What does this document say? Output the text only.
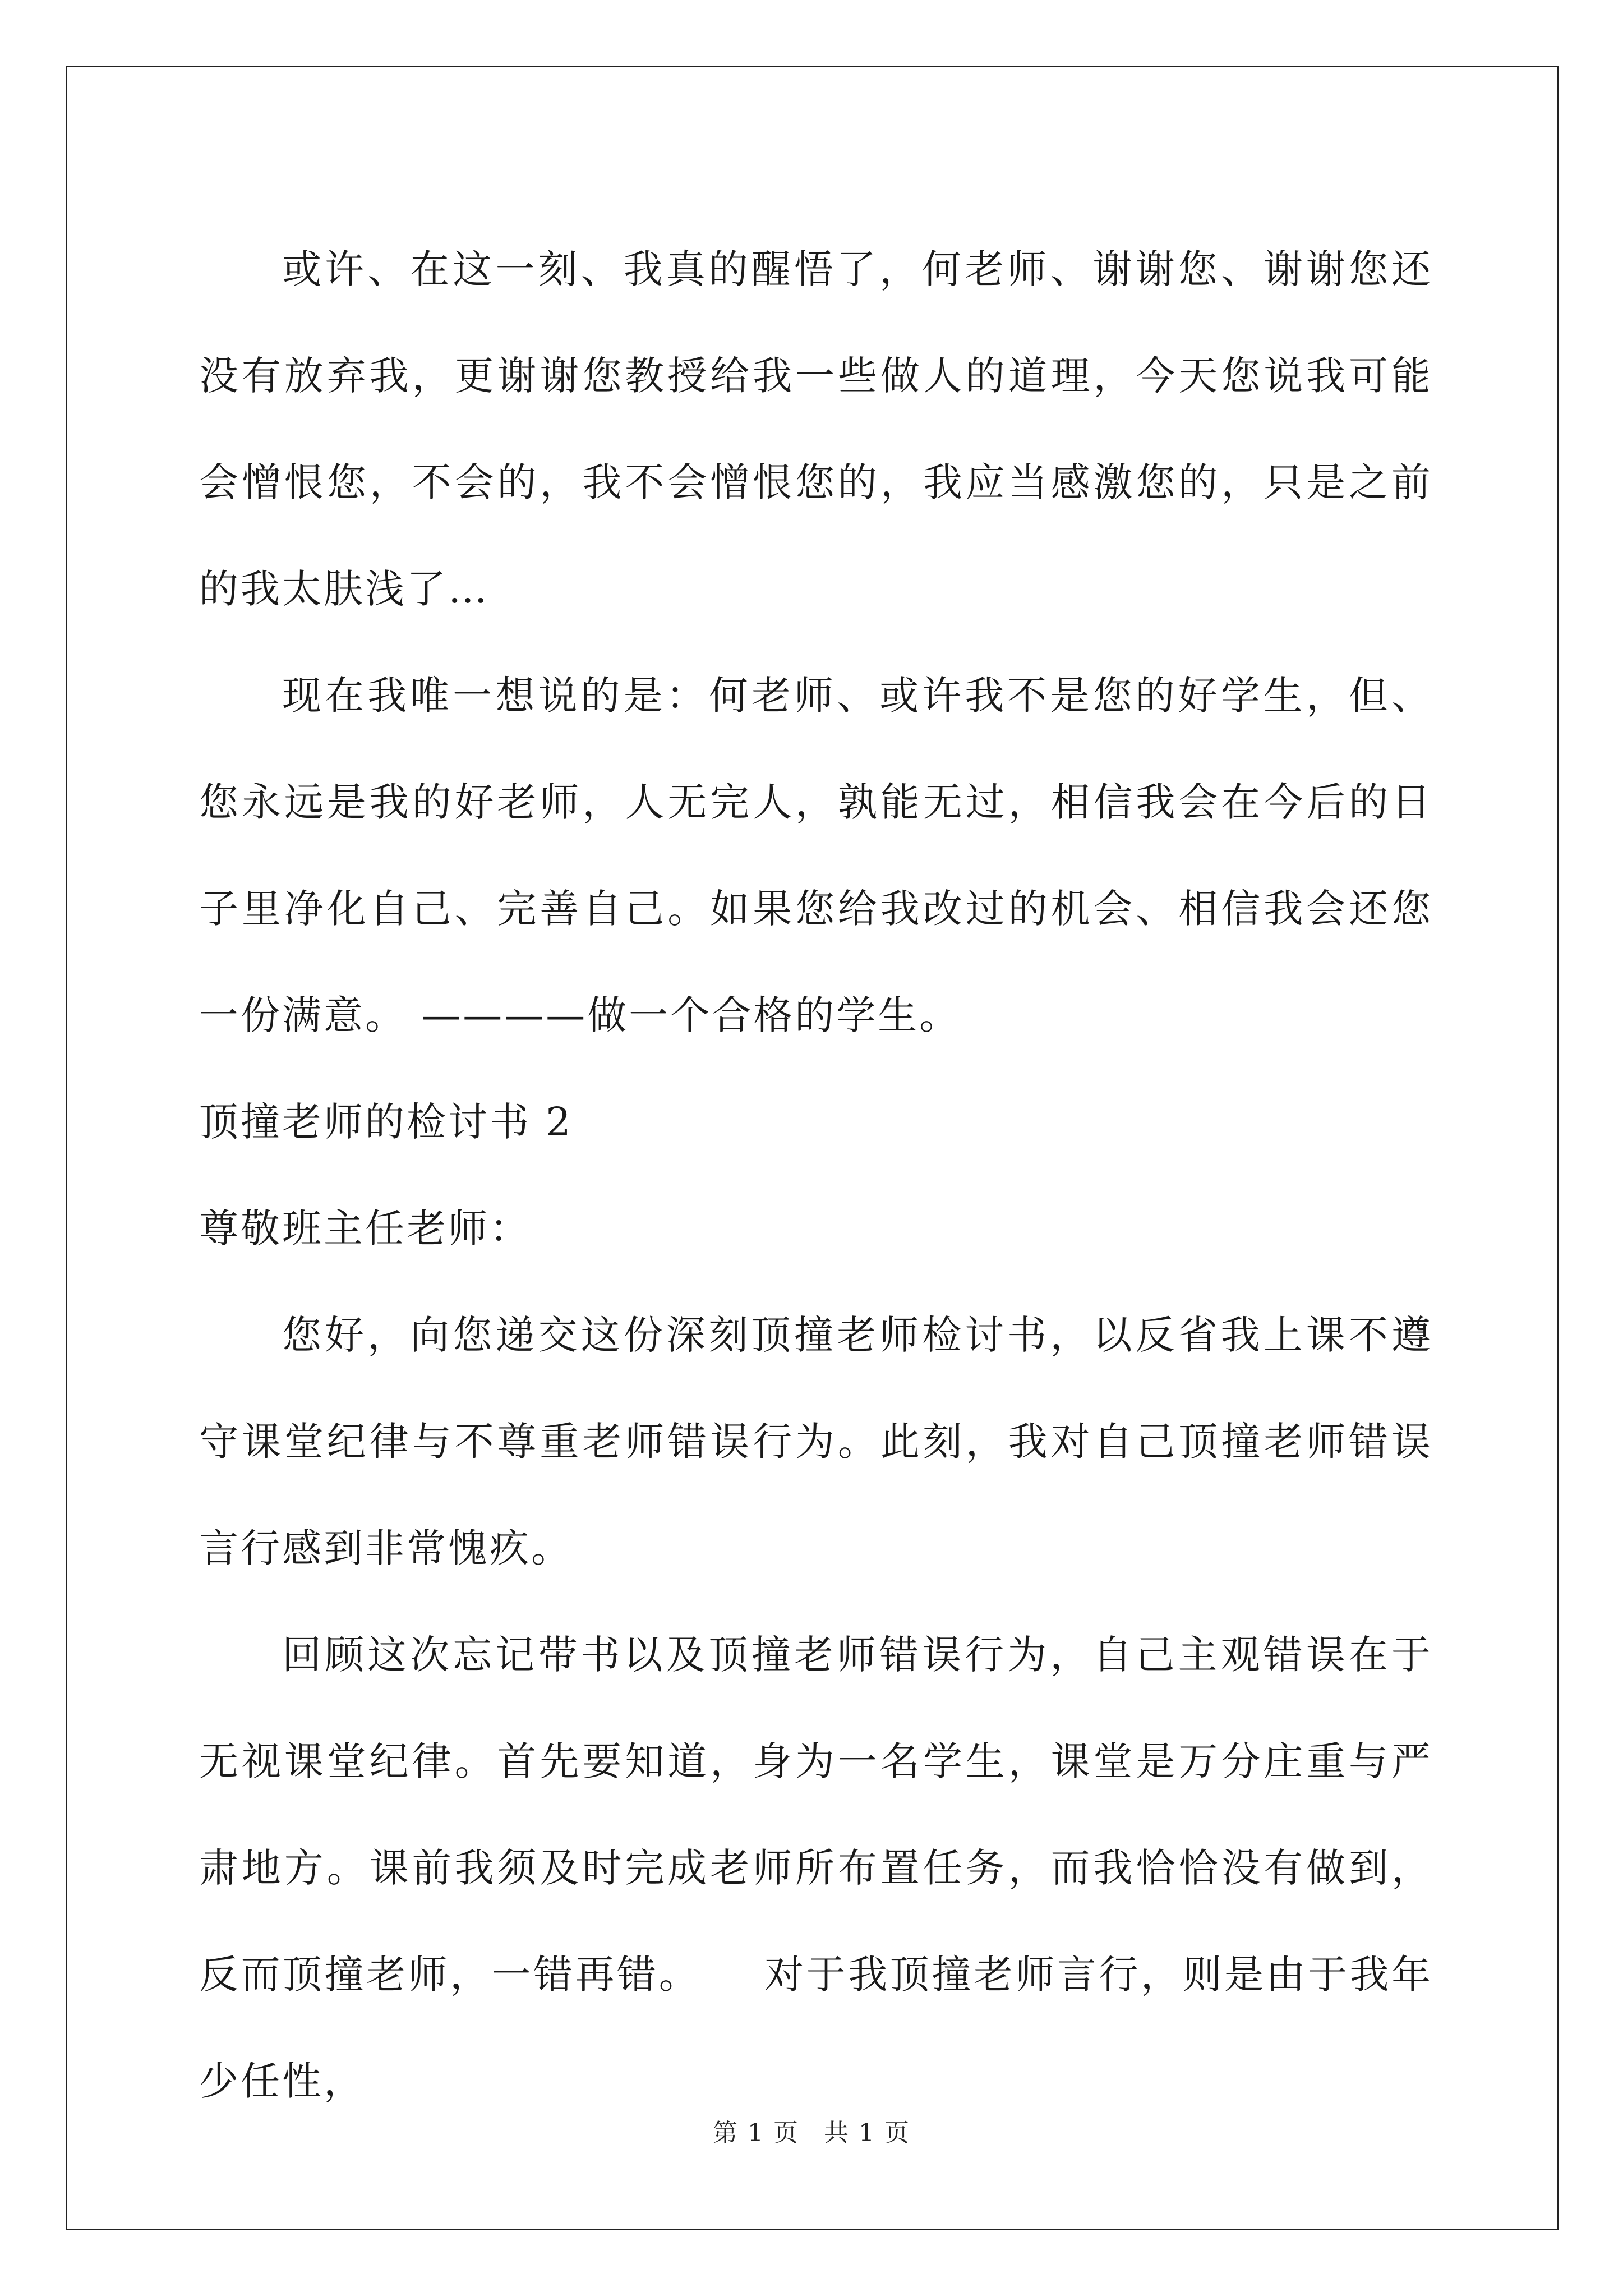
或许、在这一刻、我真的醒悟了，何老师、谢谢您、谢谢您还没有放弃我，更谢谢您教授给我一些做人的道理，今天您说我可能会憎恨您，不会的，我不会憎恨您的，我应当感激您的，只是之前的我太肤浅了…

现在我唯一想说的是：何老师、或许我不是您的好学生，但、您永远是我的好老师，人无完人，孰能无过，相信我会在今后的日子里净化自己、完善自己。如果您给我改过的机会、相信我会还您一份满意。 ————做一个合格的学生。

顶撞老师的检讨书 2

尊敬班主任老师：

您好，向您递交这份深刻顶撞老师检讨书，以反省我上课不遵守课堂纪律与不尊重老师错误行为。此刻，我对自己顶撞老师错误言行感到非常愧疚。

回顾这次忘记带书以及顶撞老师错误行为，自己主观错误在于无视课堂纪律。首先要知道，身为一名学生，课堂是万分庄重与严肃地方。课前我须及时完成老师所布置任务，而我恰恰没有做到，反而顶撞老师，一错再错。　　对于我顶撞老师言行，则是由于我年少任性，

第 1 页 共 1 页
